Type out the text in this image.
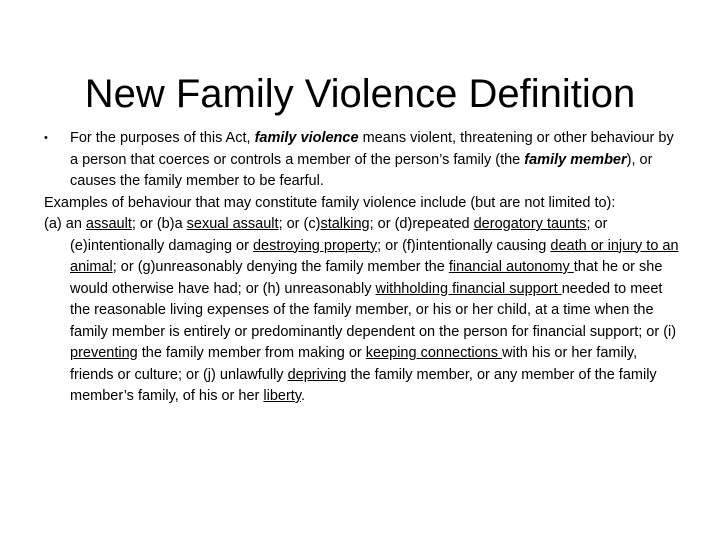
New Family Violence Definition

• For the purposes of this Act, family violence means violent, threatening or other behaviour by a person that coerces or controls a member of the person’s family (the family member), or causes the family member to be fearful.

Examples of behaviour that may constitute family violence include (but are not limited to):

(a) an assault; or (b)a sexual assault; or (c)stalking; or (d)repeated derogatory taunts; or (e)intentionally damaging or destroying property; or (f)intentionally causing death or injury to an animal; or (g)unreasonably denying the family member the financial autonomy that he or she would otherwise have had; or (h) unreasonably withholding financial support needed to meet the reasonable living expenses of the family member, or his or her child, at a time when the family member is entirely or predominantly dependent on the person for financial support; or (i) preventing the family member from making or keeping connections with his or her family, friends or culture; or (j) unlawfully depriving the family member, or any member of the family member’s family, of his or her liberty.
